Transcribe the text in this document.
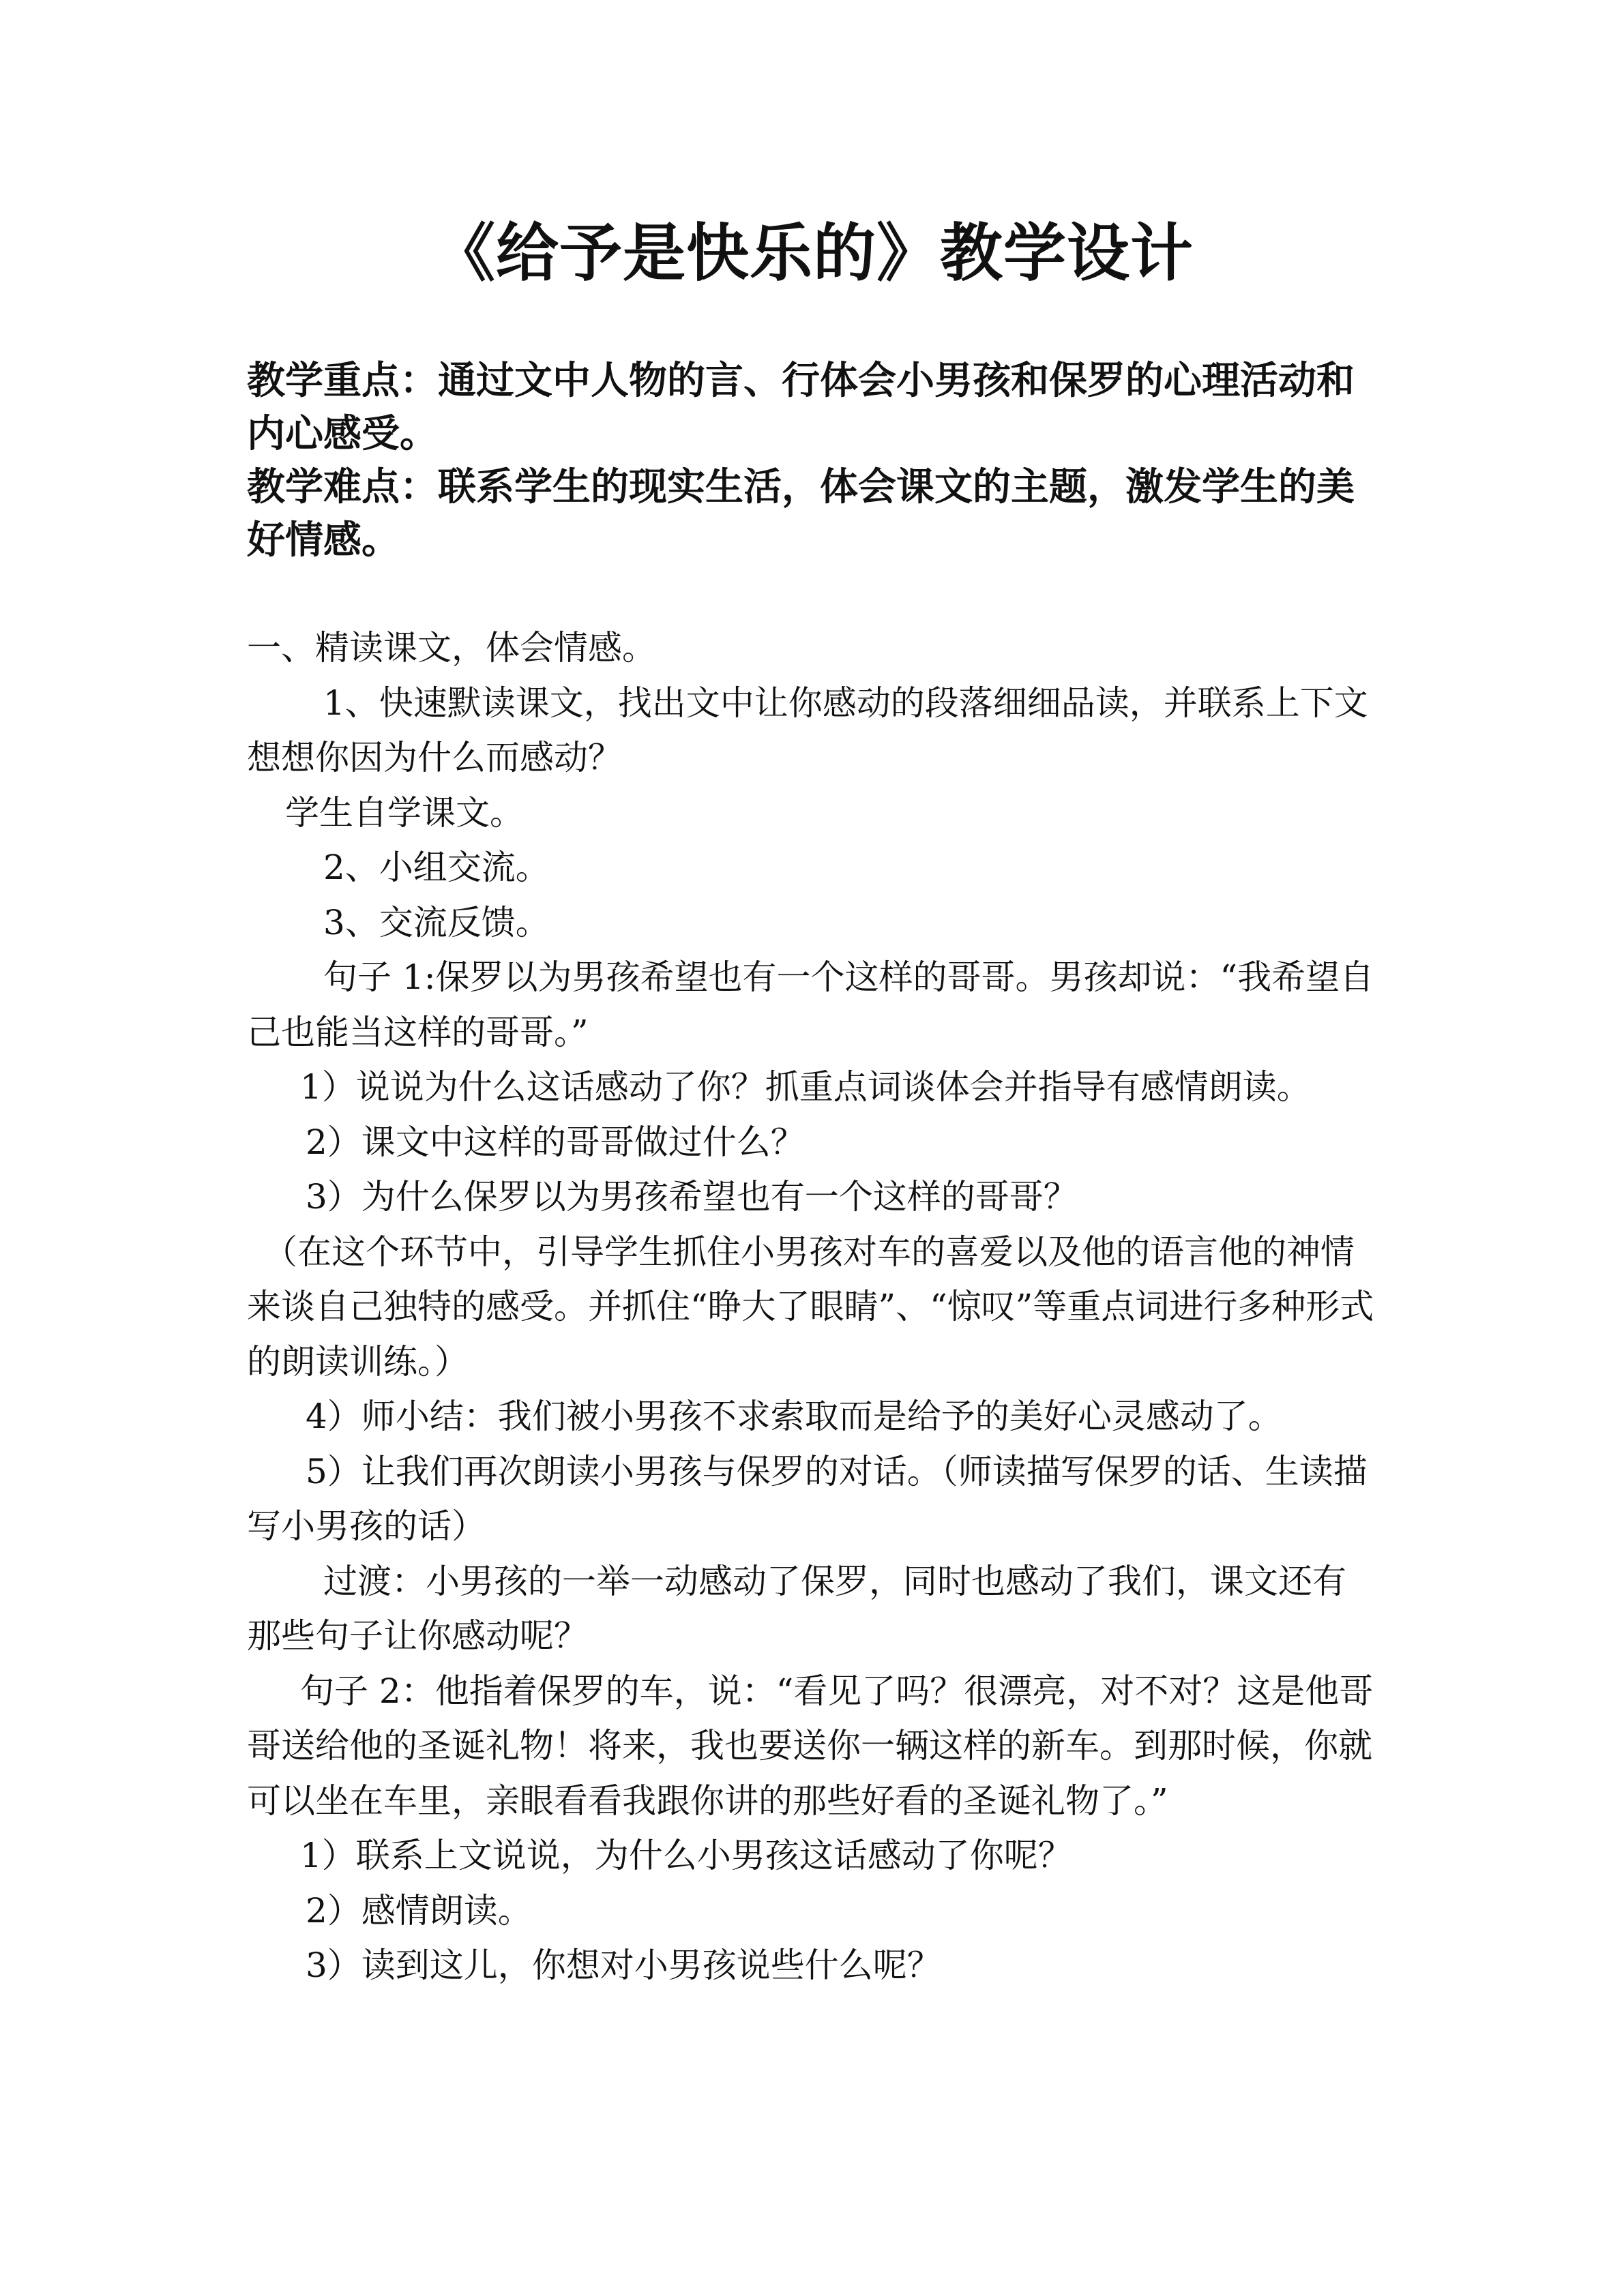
《给予是快乐的》教学设计

教学重点：通过文中人物的言、行体会小男孩和保罗的心理活动和内心感受。

教学难点：联系学生的现实生活，体会课文的主题，激发学生的美好情感。

一、精读课文，体会情感。

1、快速默读课文，找出文中让你感动的段落细细品读，并联系上下文想想你因为什么而感动？

学生自学课文。

2、小组交流。

3、交流反馈。

句子 1:保罗以为男孩希望也有一个这样的哥哥。男孩却说：“我希望自己也能当这样的哥哥。”

1）说说为什么这话感动了你？抓重点词谈体会并指导有感情朗读。

2）课文中这样的哥哥做过什么？

3）为什么保罗以为男孩希望也有一个这样的哥哥？

（在这个环节中，引导学生抓住小男孩对车的喜爱以及他的语言他的神情来谈自己独特的感受。并抓住“睁大了眼睛”、“惊叹”等重点词进行多种形式的朗读训练。）

4）师小结：我们被小男孩不求索取而是给予的美好心灵感动了。

5）让我们再次朗读小男孩与保罗的对话。（师读描写保罗的话、生读描写小男孩的话）

过渡：小男孩的一举一动感动了保罗，同时也感动了我们，课文还有那些句子让你感动呢？

句子 2：他指着保罗的车，说：“看见了吗？很漂亮，对不对？这是他哥哥送给他的圣诞礼物！将来，我也要送你一辆这样的新车。到那时候，你就可以坐在车里，亲眼看看我跟你讲的那些好看的圣诞礼物了。”

1）联系上文说说，为什么小男孩这话感动了你呢？

2）感情朗读。

3）读到这儿，你想对小男孩说些什么呢？
